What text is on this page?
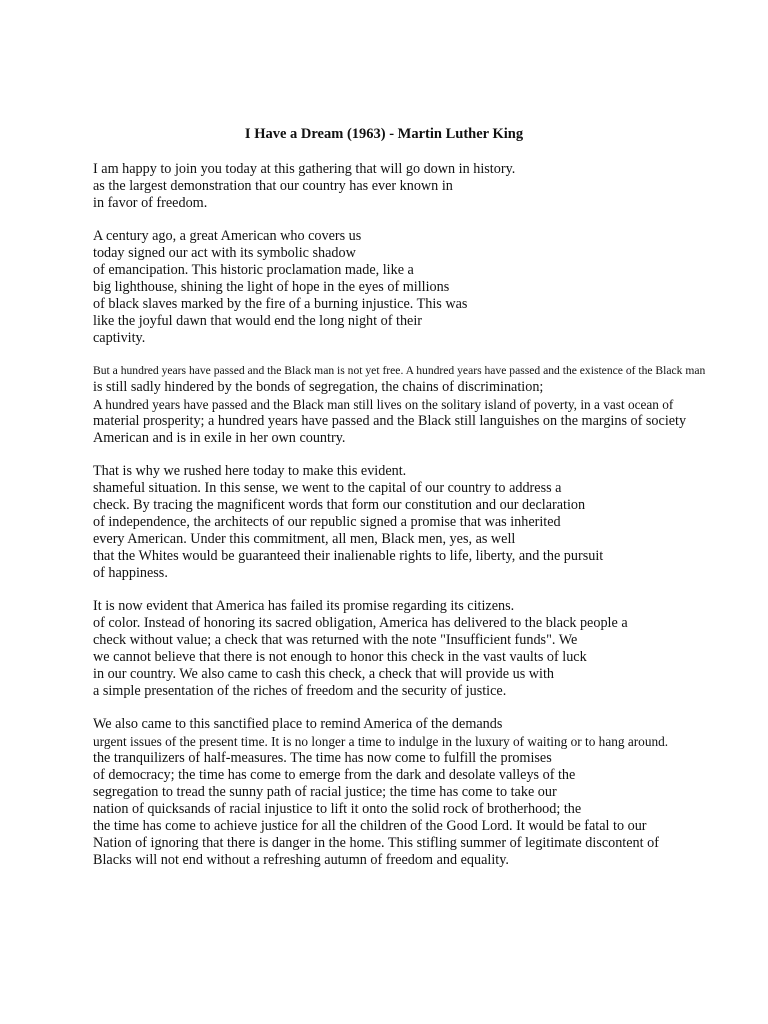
I Have a Dream (1963) - Martin Luther King
I am happy to join you today at this gathering that will go down in history.
as the largest demonstration that our country has ever known in
in favor of freedom.
A century ago, a great American who covers us
today signed our act with its symbolic shadow
of emancipation. This historic proclamation made, like a
big lighthouse, shining the light of hope in the eyes of millions
of black slaves marked by the fire of a burning injustice. This was
like the joyful dawn that would end the long night of their
captivity.
But a hundred years have passed and the Black man is not yet free. A hundred years have passed and the existence of the Black man
is still sadly hindered by the bonds of segregation, the chains of discrimination;
A hundred years have passed and the Black man still lives on the solitary island of poverty, in a vast ocean of
material prosperity; a hundred years have passed and the Black still languishes on the margins of society
American and is in exile in her own country.
That is why we rushed here today to make this evident.
shameful situation. In this sense, we went to the capital of our country to address a
check. By tracing the magnificent words that form our constitution and our declaration
of independence, the architects of our republic signed a promise that was inherited
every American. Under this commitment, all men, Black men, yes, as well
that the Whites would be guaranteed their inalienable rights to life, liberty, and the pursuit
of happiness.
It is now evident that America has failed its promise regarding its citizens.
of color. Instead of honoring its sacred obligation, America has delivered to the black people a
check without value; a check that was returned with the note "Insufficient funds". We
we cannot believe that there is not enough to honor this check in the vast vaults of luck
in our country. We also came to cash this check, a check that will provide us with
a simple presentation of the riches of freedom and the security of justice.
We also came to this sanctified place to remind America of the demands
urgent issues of the present time. It is no longer a time to indulge in the luxury of waiting or to hang around.
the tranquilizers of half-measures. The time has now come to fulfill the promises
of democracy; the time has come to emerge from the dark and desolate valleys of the
segregation to tread the sunny path of racial justice; the time has come to take our
nation of quicksands of racial injustice to lift it onto the solid rock of brotherhood; the
the time has come to achieve justice for all the children of the Good Lord. It would be fatal to our
Nation of ignoring that there is danger in the home. This stifling summer of legitimate discontent of
Blacks will not end without a refreshing autumn of freedom and equality.
